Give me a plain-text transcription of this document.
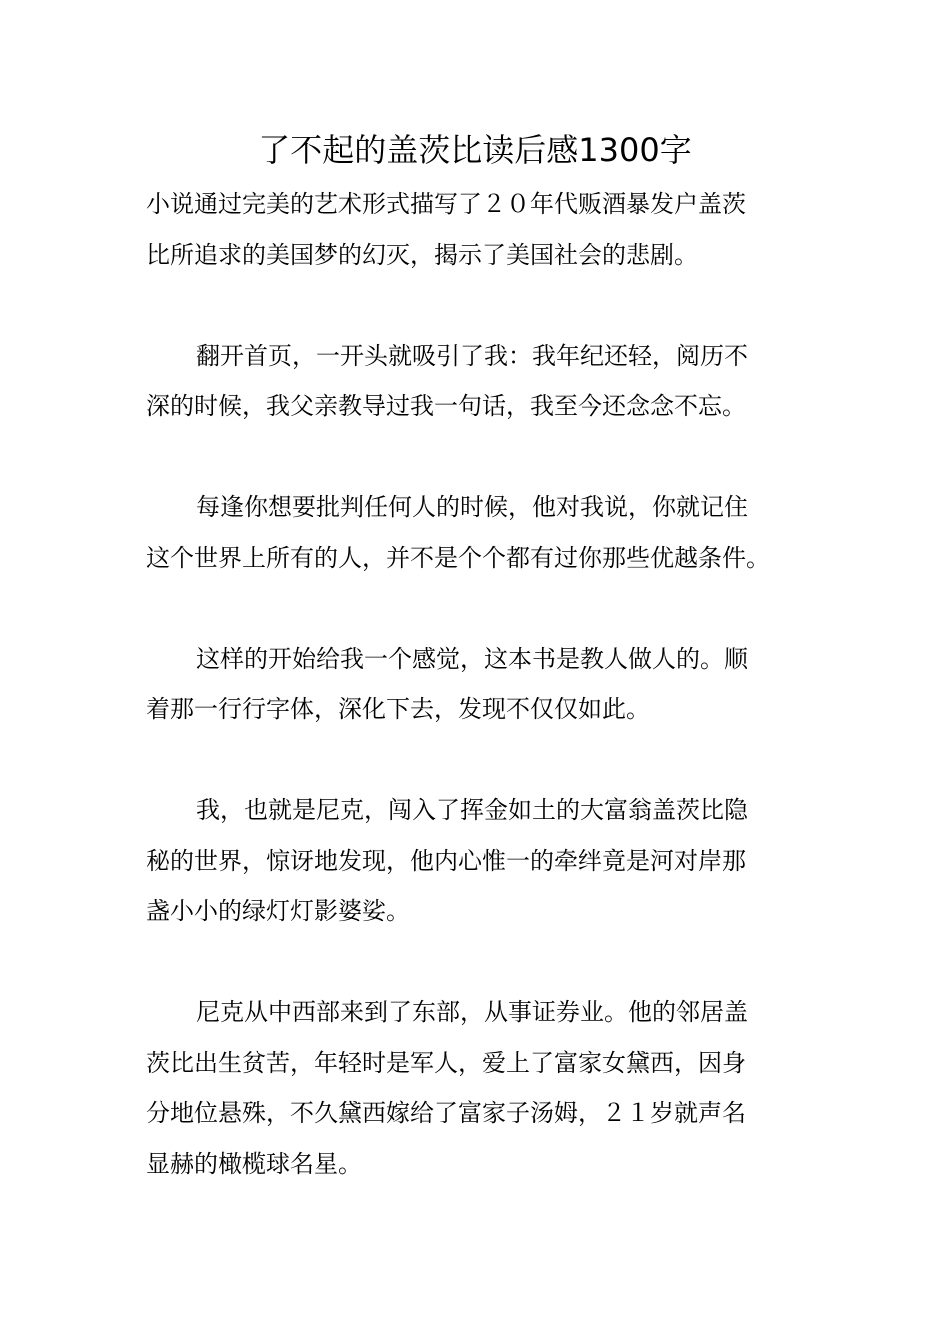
了不起的盖茨比读后感1300字
小说通过完美的艺术形式描写了２０年代贩酒暴发户盖茨
比所追求的美国梦的幻灭，揭示了美国社会的悲剧。
翻开首页，一开头就吸引了我：我年纪还轻，阅历不
深的时候，我父亲教导过我一句话，我至今还念念不忘。
每逢你想要批判任何人的时候，他对我说，你就记住
这个世界上所有的人，并不是个个都有过你那些优越条件。
这样的开始给我一个感觉，这本书是教人做人的。顺
着那一行行字体，深化下去，发现不仅仅如此。
我，也就是尼克，闯入了挥金如土的大富翁盖茨比隐
秘的世界，惊讶地发现，他内心惟一的牵绊竟是河对岸那
盏小小的绿灯灯影婆娑。
尼克从中西部来到了东部，从事证券业。他的邻居盖
茨比出生贫苦，年轻时是军人，爱上了富家女黛西，因身
分地位悬殊，不久黛西嫁给了富家子汤姆，２１岁就声名
显赫的橄榄球名星。
